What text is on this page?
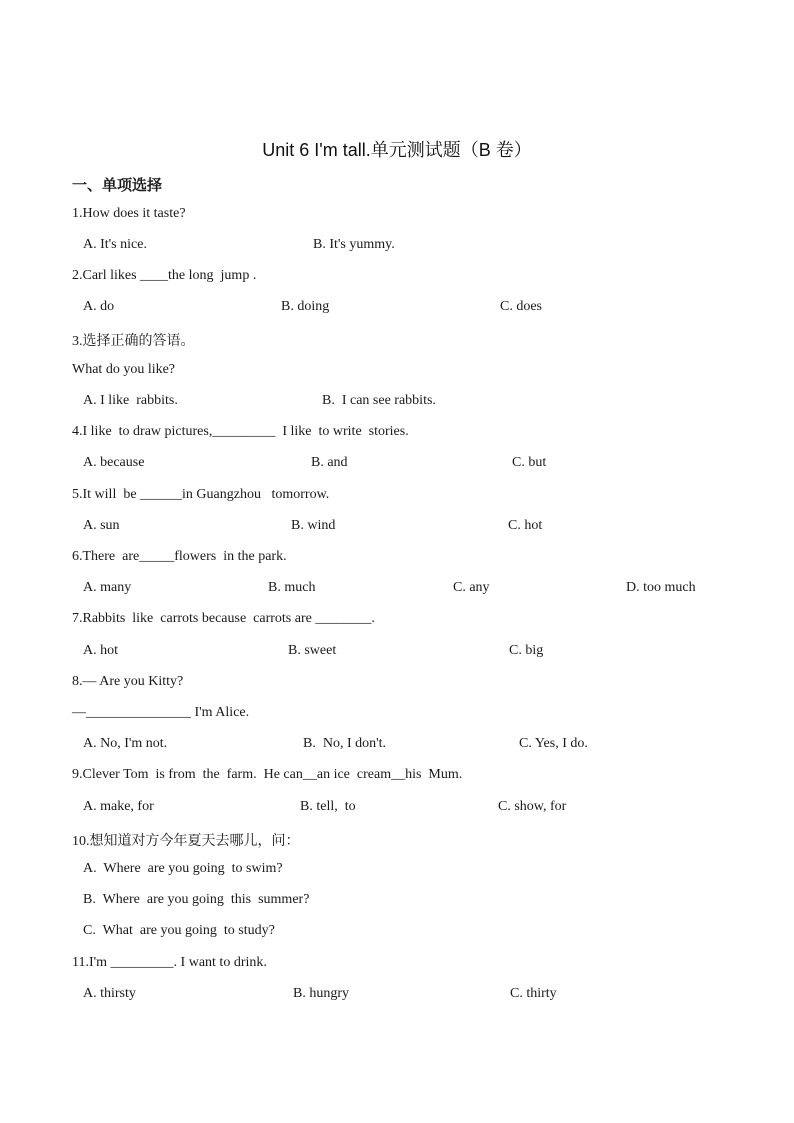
Unit 6 I'm tall.单元测试题（B 卷）
一、单项选择
1.How does it taste?
A. It's nice.	B. It's yummy.
2.Carl likes ____the long  jump .
A. do	B. doing	C. does
3.选择正确的答语。
What do you like?
A. I like  rabbits.	B.  I can see rabbits.
4.I like  to draw pictures,_________  I like  to write  stories.
A. because	B. and	C. but
5.It will  be ______in Guangzhou   tomorrow.
A. sun	B. wind	C. hot
6.There  are_____flowers  in the park.
A. many	B. much	C. any	D. too much
7.Rabbits  like  carrots because  carrots are ________.
A. hot	B. sweet	C. big
8.— Are you Kitty?
—_______________ I'm Alice.
A. No, I'm not.	B.  No, I don't.	C. Yes, I do.
9.Clever Tom  is from  the  farm.  He can__an ice  cream__his  Mum.
A. make, for	B. tell,  to	C. show, for
10.想知道对方今年夏天去哪儿，问：
A.  Where  are you going  to swim?
B.  Where  are you going  this  summer?
C.  What  are you going  to study?
11.I'm _________. I want to drink.
A. thirsty	B. hungry	C. thirty
